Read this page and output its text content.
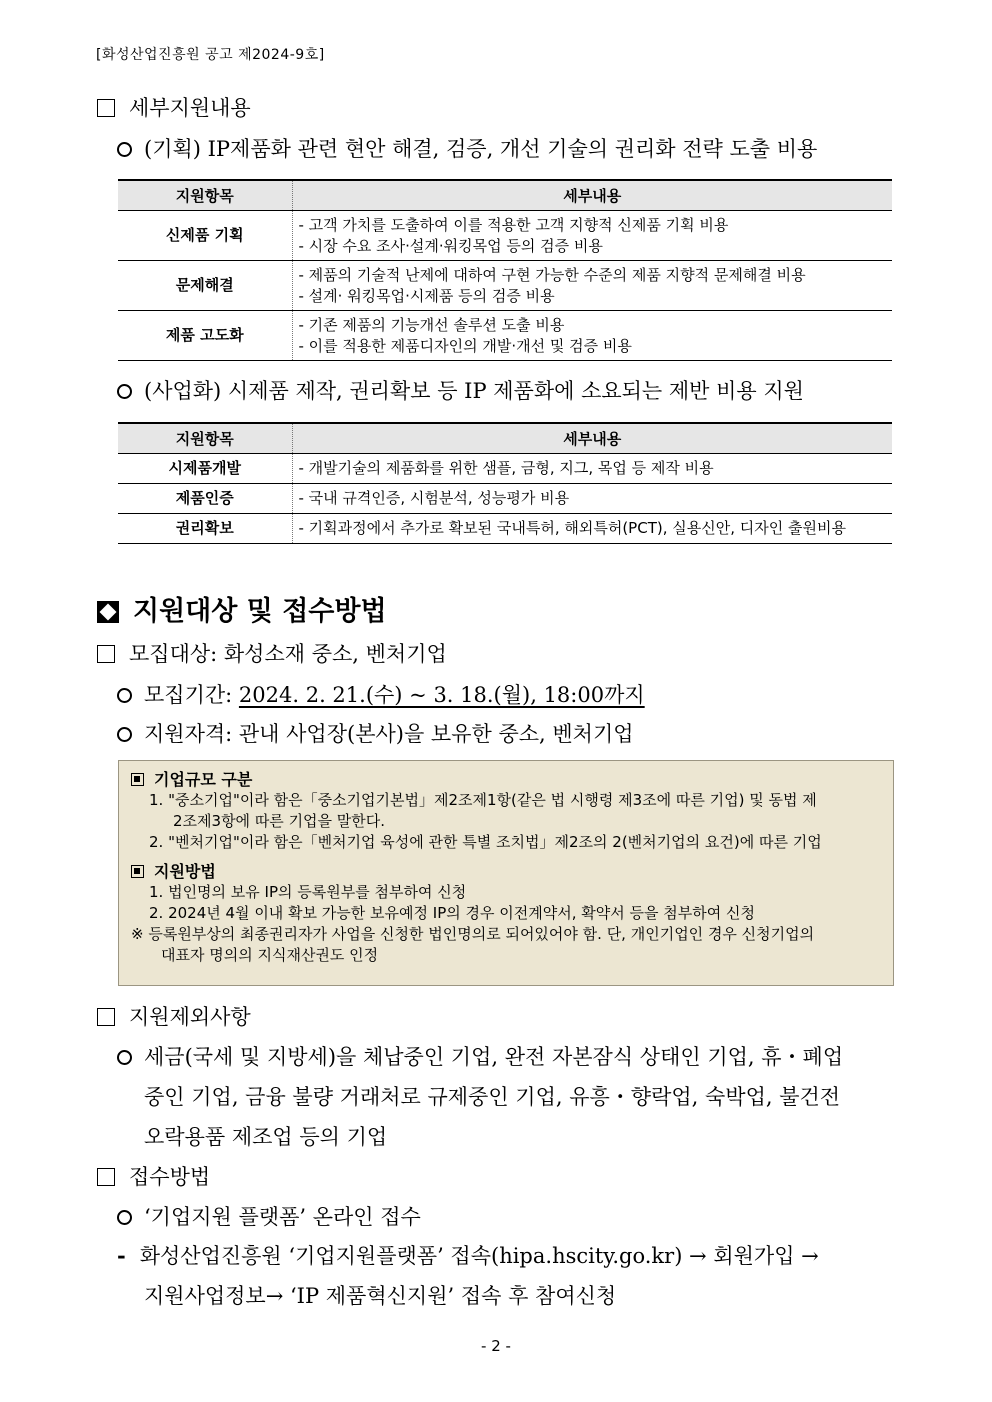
[화성산업진흥원 공고 제2024-9호]
세부지원내용
(기획) IP제품화 관련 현안 해결, 검증, 개선 기술의 권리화 전략 도출 비용
지원항목	세부내용
신제품 기획	- 고객 가치를 도출하여 이를 적용한 고객 지향적 신제품 기획 비용
- 시장 수요 조사·설계·워킹목업 등의 검증 비용

문제해결	- 제품의 기술적 난제에 대하여 구현 가능한 수준의 제품 지향적 문제해결 비용
- 설계· 워킹목업·시제품 등의 검증 비용

제품 고도화	- 기존 제품의 기능개선 솔루션 도출 비용
- 이를 적용한 제품디자인의 개발·개선 및 검증 비용
(사업화) 시제품 제작, 권리확보 등 IP 제품화에 소요되는 제반 비용 지원
지원항목	세부내용
시제품개발	- 개발기술의 제품화를 위한 샘플, 금형, 지그, 목업 등 제작 비용
제품인증	- 국내 규격인증, 시험분석, 성능평가 비용
권리확보	- 기획과정에서 추가로 확보된 국내특허, 해외특허(PCT), 실용신안, 디자인 출원비용
지원대상 및 접수방법
모집대상: 화성소재 중소, 벤처기업
모집기간: 2024. 2. 21.(수) ~ 3. 18.(월), 18:00까지
지원자격: 관내 사업장(본사)을 보유한 중소, 벤처기업
기업규모 구분
1. "중소기업"이라 함은「중소기업기본법」제2조제1항(같은 법 시행령 제3조에 따른 기업) 및 동법 제
2조제3항에 따른 기업을 말한다.
2. "벤처기업"이라 함은「벤처기업 육성에 관한 특별 조치법」제2조의 2(벤처기업의 요건)에 따른 기업
지원방법
1. 법인명의 보유 IP의 등록원부를 첨부하여 신청
2. 2024년 4월 이내 확보 가능한 보유예정 IP의 경우 이전계약서, 확약서 등을 첨부하여 신청
※ 등록원부상의 최종권리자가 사업을 신청한 법인명의로 되어있어야 함. 단, 개인기업인 경우 신청기업의
대표자 명의의 지식재산권도 인정
지원제외사항
세금(국세 및 지방세)을 체납중인 기업, 완전 자본잠식 상태인 기업, 휴・폐업
중인 기업, 금융 불량 거래처로 규제중인 기업, 유흥・향락업, 숙박업, 불건전
오락용품 제조업 등의 기업
접수방법
‘기업지원 플랫폼’ 온라인 접수
- 화성산업진흥원 ‘기업지원플랫폼’ 접속(hipa.hscity.go.kr) → 회원가입 →
지원사업정보→ ‘IP 제품혁신지원’ 접속 후 참여신청
- 2 -
